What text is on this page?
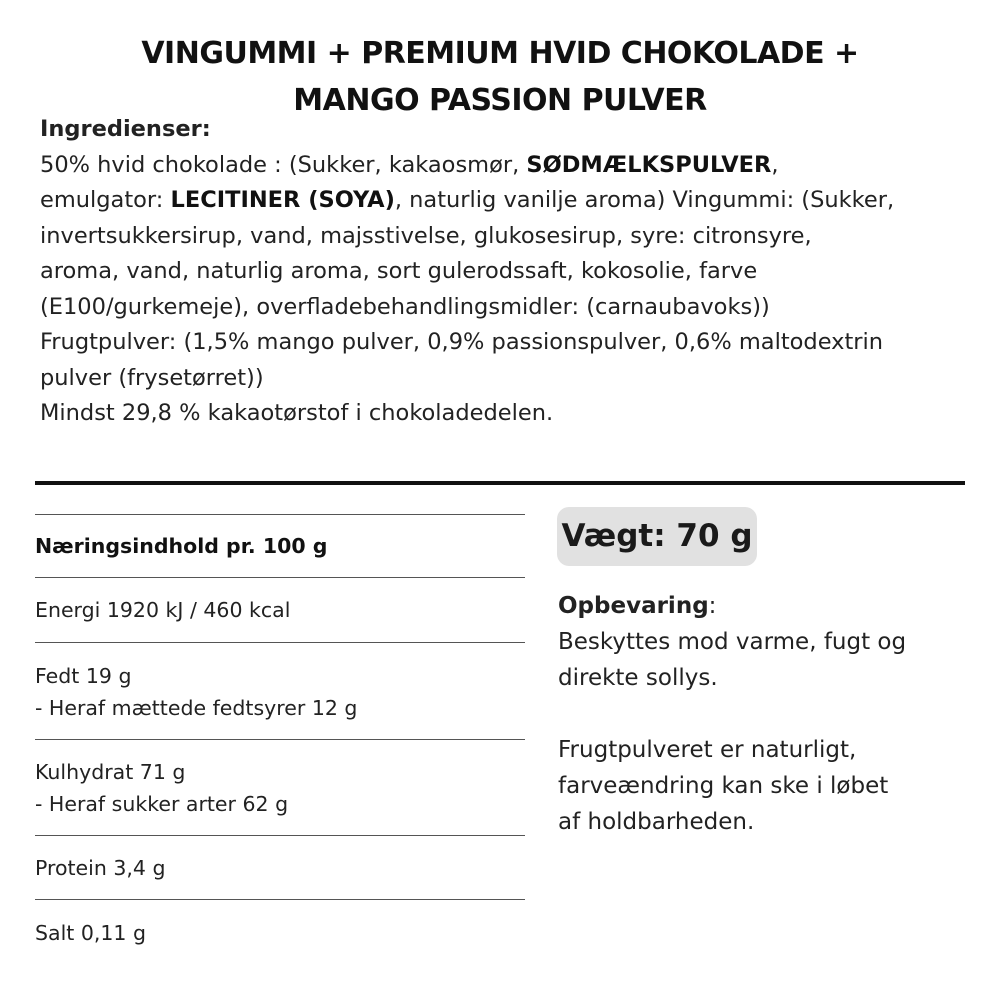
VINGUMMI + PREMIUM HVID CHOKOLADE +
MANGO PASSION PULVER
Ingredienser:
50% hvid chokolade : (Sukker, kakaosmør, SØDMÆLKSPULVER,
emulgator: LECITINER (SOYA), naturlig vanilje aroma) Vingummi: (Sukker,
invertsukkersirup, vand, majsstivelse, glukosesirup, syre: citronsyre,
aroma, vand, naturlig aroma, sort gulerodssaft, kokosolie, farve
(E100/gurkemeje), overfladebehandlingsmidler: (carnaubavoks))
Frugtpulver: (1,5% mango pulver, 0,9% passionspulver, 0,6% maltodextrin
pulver (frysetørret))
Mindst 29,8 % kakaotørstof i chokoladedelen.
Næringsindhold pr. 100 g
Energi 1920 kJ / 460 kcal
Fedt 19 g
- Heraf mættede fedtsyrer 12 g
Kulhydrat 71 g
- Heraf sukker arter 62 g
Protein 3,4 g
Salt 0,11 g
Vægt: 70 g
Opbevaring:
Beskyttes mod varme, fugt og
direkte sollys.
Frugtpulveret er naturligt,
farveændring kan ske i løbet
af holdbarheden.
